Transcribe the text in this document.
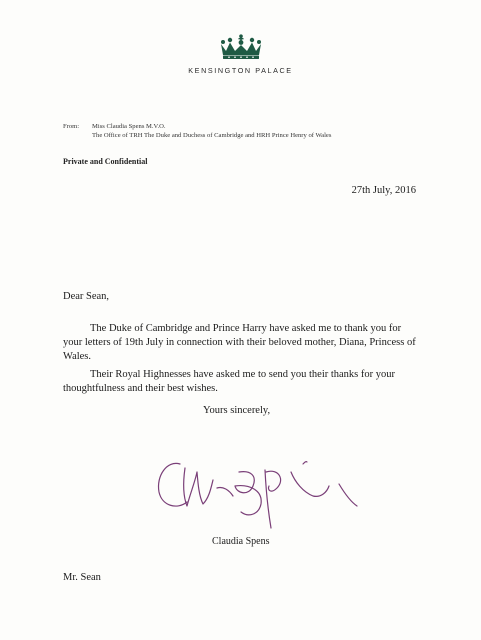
KENSINGTON PALACE
From: Miss Claudia Spens M.V.O.
The Office of TRH The Duke and Duchess of Cambridge and HRH Prince Henry of Wales
Private and Confidential
27th July, 2016
Dear Sean,
The Duke of Cambridge and Prince Harry have asked me to thank you for your letters of 19th July in connection with their beloved mother, Diana, Princess of Wales.
Their Royal Highnesses have asked me to send you their thanks for your thoughtfulness and their best wishes.
Yours sincerely,
Claudia Spens
Mr. Sean
